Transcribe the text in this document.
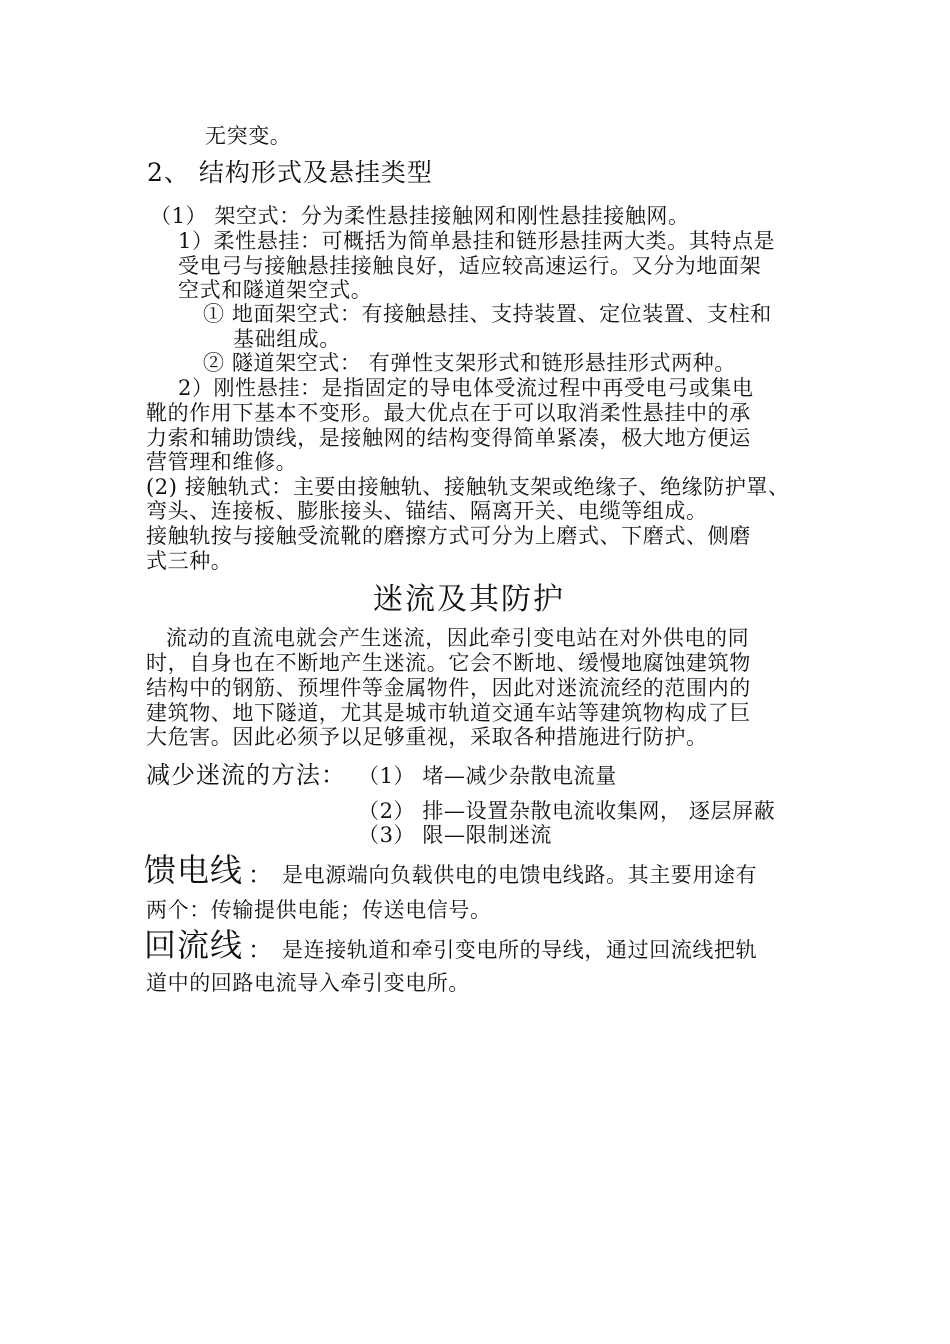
无突变。
2、 结构形式及悬挂类型
（1） 架空式：分为柔性悬挂接触网和刚性悬挂接触网。
1）柔性悬挂：可概括为简单悬挂和链形悬挂两大类。其特点是
受电弓与接触悬挂接触良好，适应较高速运行。又分为地面架
空式和隧道架空式。
① 地面架空式：有接触悬挂、支持装置、定位装置、支柱和
基础组成。
② 隧道架空式： 有弹性支架形式和链形悬挂形式两种。
2）刚性悬挂：是指固定的导电体受流过程中再受电弓或集电
靴的作用下基本不变形。最大优点在于可以取消柔性悬挂中的承
力索和辅助馈线，是接触网的结构变得简单紧凑，极大地方便运
营管理和维修。
(2) 接触轨式：主要由接触轨、接触轨支架或绝缘子、绝缘防护罩、
弯头、连接板、膨胀接头、锚结、隔离开关、电缆等组成。
接触轨按与接触受流靴的磨擦方式可分为上磨式、下磨式、侧磨
式三种。
迷流及其防护
流动的直流电就会产生迷流，因此牵引变电站在对外供电的同
时，自身也在不断地产生迷流。它会不断地、缓慢地腐蚀建筑物
结构中的钢筋、预埋件等金属物件，因此对迷流流经的范围内的
建筑物、地下隧道，尤其是城市轨道交通车站等建筑物构成了巨
大危害。因此必须予以足够重视，采取各种措施进行防护。
减少迷流的方法： （1） 堵—减少杂散电流量
（2） 排—设置杂散电流收集网， 逐层屏蔽
（3） 限—限制迷流
馈电线 ： 是电源端向负载供电的电馈电线路。其主要用途有
两个：传输提供电能；传送电信号。
回流线 ： 是连接轨道和牵引变电所的导线，通过回流线把轨
道中的回路电流导入牵引变电所。
